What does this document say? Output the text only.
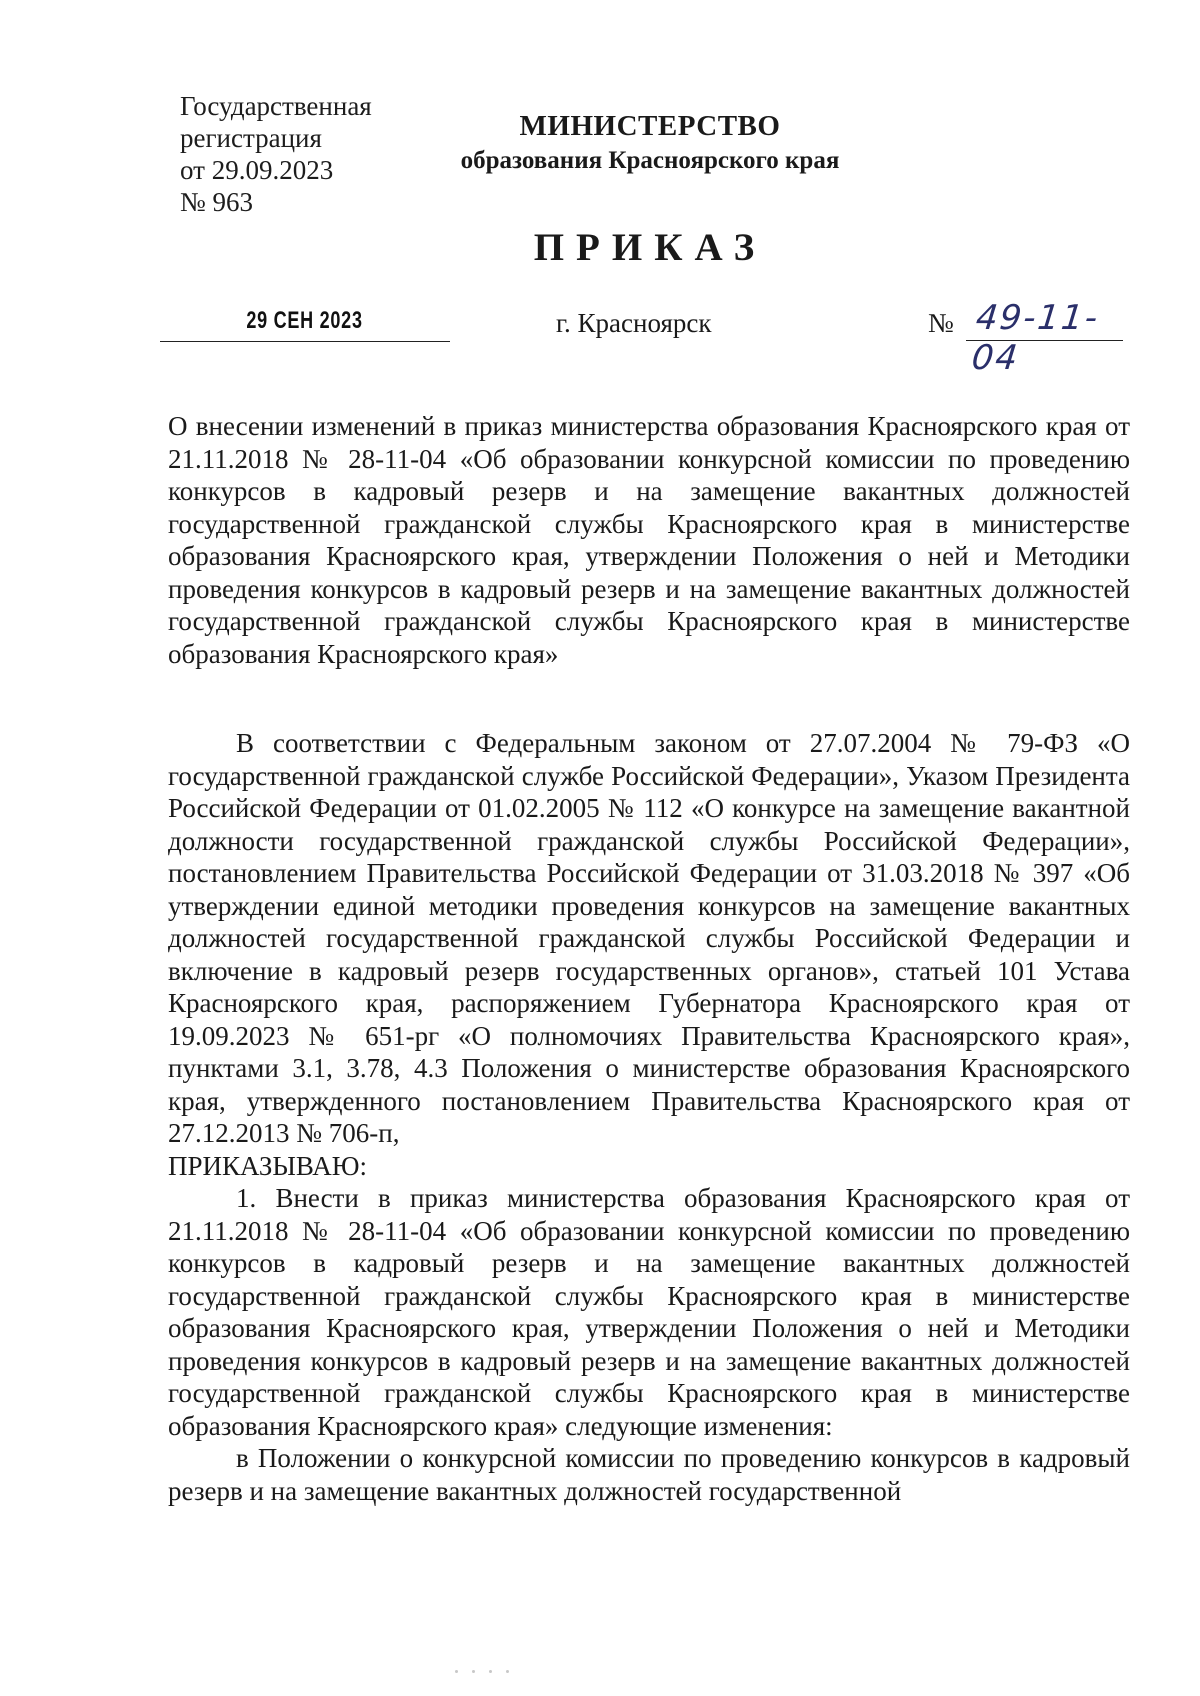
Государственная
регистрация
от 29.09.2023
№ 963
МИНИСТЕРСТВО
образования Красноярского края
ПРИКАЗ
29 СЕН 2023	г. Красноярск	№ 49-11-04

О внесении изменений в приказ министерства образования Красноярского края от 21.11.2018 № 28-11-04 «Об образовании конкурсной комиссии по проведению конкурсов в кадровый резерв и на замещение вакантных должностей государственной гражданской службы Красноярского края в министерстве образования Красноярского края, утверждении Положения о ней и Методики проведения конкурсов в кадровый резерв и на замещение вакантных должностей государственной гражданской службы Красноярского края в министерстве образования Красноярского края»

В соответствии с Федеральным законом от 27.07.2004 № 79-ФЗ «О государственной гражданской службе Российской Федерации», Указом Президента Российской Федерации от 01.02.2005 № 112 «О конкурсе на замещение вакантной должности государственной гражданской службы Российской Федерации», постановлением Правительства Российской Федерации от 31.03.2018 № 397 «Об утверждении единой методики проведения конкурсов на замещение вакантных должностей государственной гражданской службы Российской Федерации и включение в кадровый резерв государственных органов», статьей 101 Устава Красноярского края, распоряжением Губернатора Красноярского края от 19.09.2023 № 651-рг «О полномочиях Правительства Красноярского края», пунктами 3.1, 3.78, 4.3 Положения о министерстве образования Красноярского края, утвержденного постановлением Правительства Красноярского края от 27.12.2013 № 706-п,

ПРИКАЗЫВАЮ:

1. Внести в приказ министерства образования Красноярского края от 21.11.2018 № 28-11-04 «Об образовании конкурсной комиссии по проведению конкурсов в кадровый резерв и на замещение вакантных должностей государственной гражданской службы Красноярского края в министерстве образования Красноярского края, утверждении Положения о ней и Методики проведения конкурсов в кадровый резерв и на замещение вакантных должностей государственной гражданской службы Красноярского края в министерстве образования Красноярского края» следующие изменения:

в Положении о конкурсной комиссии по проведению конкурсов в кадровый резерв и на замещение вакантных должностей государственной
